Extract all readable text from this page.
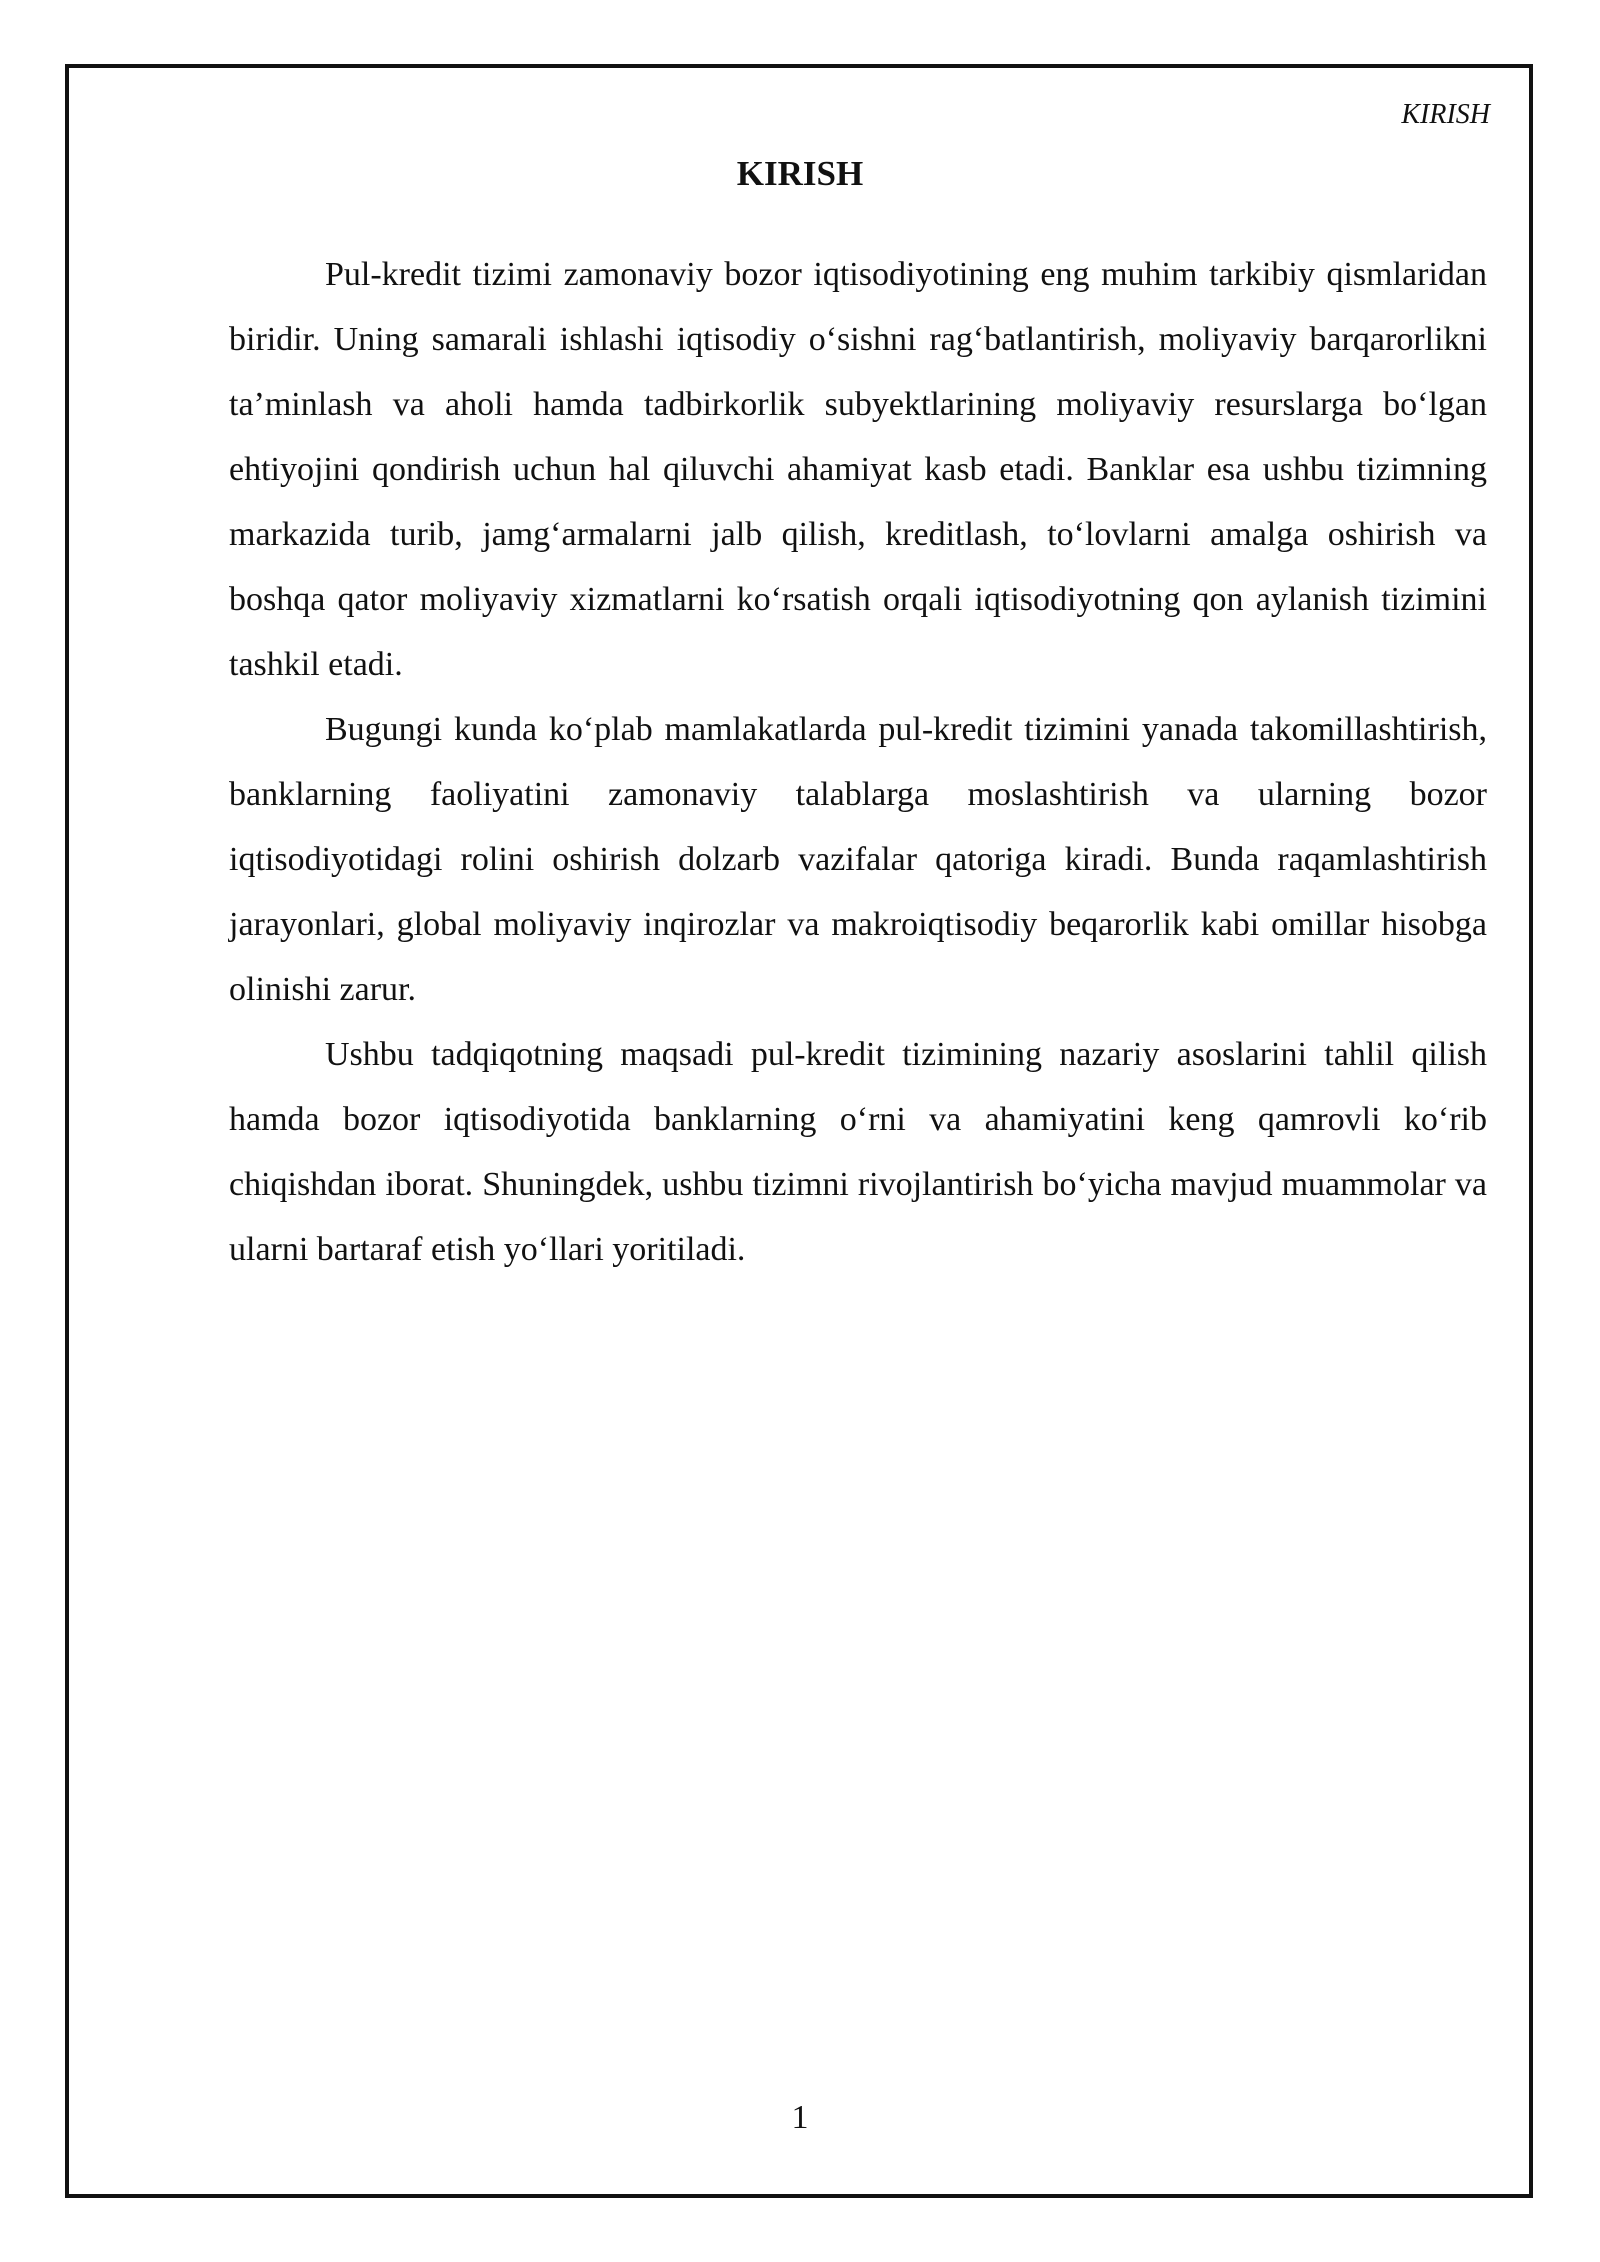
KIRISH
KIRISH

Pul-kredit tizimi zamonaviy bozor iqtisodiyotining eng muhim tarkibiy qismlaridan biridir. Uning samarali ishlashi iqtisodiy o‘sishni rag‘batlantirish, moliyaviy barqarorlikni ta’minlash va aholi hamda tadbirkorlik subyektlarining moliyaviy resurslarga bo‘lgan ehtiyojini qondirish uchun hal qiluvchi ahamiyat kasb etadi. Banklar esa ushbu tizimning markazida turib, jamg‘armalarni jalb qilish, kreditlash, to‘lovlarni amalga oshirish va boshqa qator moliyaviy xizmatlarni ko‘rsatish orqali iqtisodiyotning qon aylanish tizimini tashkil etadi.

Bugungi kunda ko‘plab mamlakatlarda pul-kredit tizimini yanada takomillashtirish, banklarning faoliyatini zamonaviy talablarga moslashtirish va ularning bozor iqtisodiyotidagi rolini oshirish dolzarb vazifalar qatoriga kiradi. Bunda raqamlashtirish jarayonlari, global moliyaviy inqirozlar va makroiqtisodiy beqarorlik kabi omillar hisobga olinishi zarur.

Ushbu tadqiqotning maqsadi pul-kredit tizimining nazariy asoslarini tahlil qilish hamda bozor iqtisodiyotida banklarning o‘rni va ahamiyatini keng qamrovli ko‘rib chiqishdan iborat. Shuningdek, ushbu tizimni rivojlantirish bo‘yicha mavjud muammolar va ularni bartaraf etish yo‘llari yoritiladi.

1
